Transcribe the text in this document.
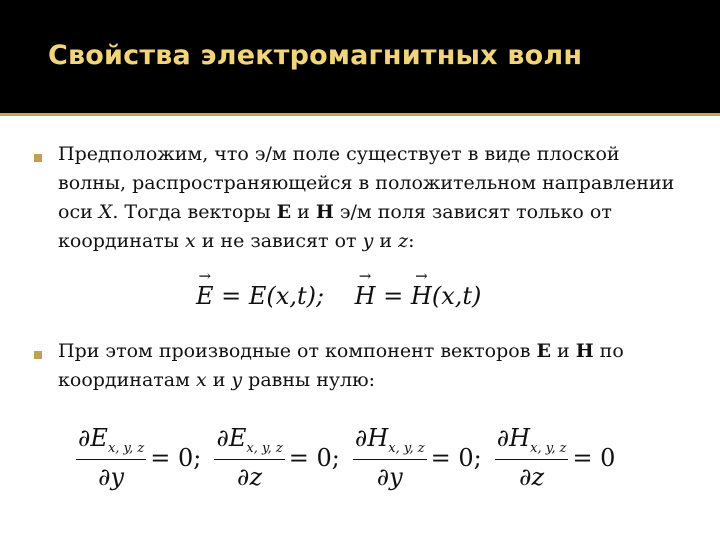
Свойства электромагнитных волн
Предположим, что э/м поле существует в виде плоской
волны, распространяющейся в положительном направлении
оси X. Тогда векторы E и H э/м поля зависят только от
координаты x и не зависят от y и z:
→ E = E(x,t);    → H = → H(x,t)
При этом производные от компонент векторов E и H по
координатам x и y равны нулю:
$\frac{\partial E_{x, y, z}}{\partial y} = 0$; $\frac{\partial E_{x, y, z}}{\partial z} = 0$; $\frac{\partial H_{x, y, z}}{\partial y} = 0$; $\frac{\partial H_{x, y, z}}{\partial z} = 0$
